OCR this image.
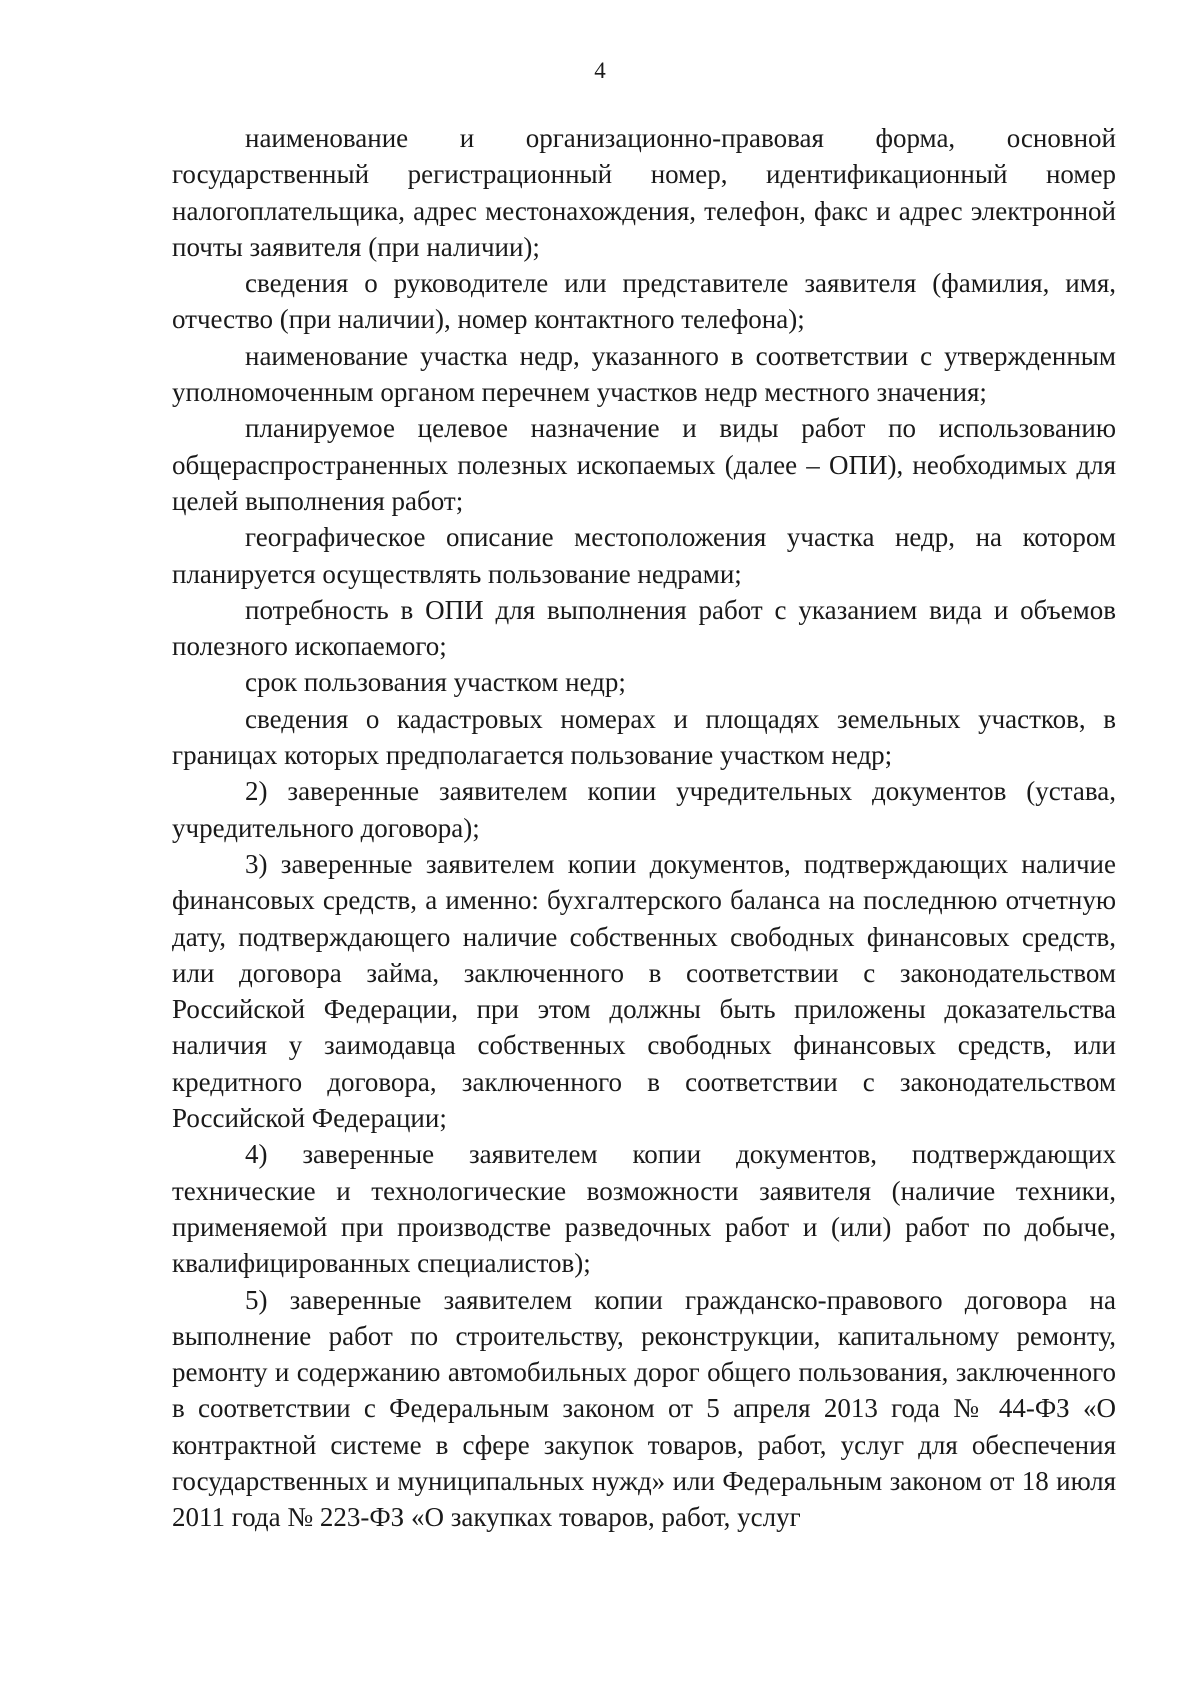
4

наименование и организационно-правовая форма, основной государственный регистрационный номер, идентификационный номер налогоплательщика, адрес местонахождения, телефон, факс и адрес электронной почты заявителя (при наличии);

сведения о руководителе или представителе заявителя (фамилия, имя, отчество (при наличии), номер контактного телефона);

наименование участка недр, указанного в соответствии с утвержденным уполномоченным органом перечнем участков недр местного значения;

планируемое целевое назначение и виды работ по использованию общераспространенных полезных ископаемых (далее – ОПИ), необходимых для целей выполнения работ;

географическое описание местоположения участка недр, на котором планируется осуществлять пользование недрами;

потребность в ОПИ для выполнения работ с указанием вида и объемов полезного ископаемого;

срок пользования участком недр;

сведения о кадастровых номерах и площадях земельных участков, в границах которых предполагается пользование участком недр;

2) заверенные заявителем копии учредительных документов (устава, учредительного договора);

3) заверенные заявителем копии документов, подтверждающих наличие финансовых средств, а именно: бухгалтерского баланса на последнюю отчетную дату, подтверждающего наличие собственных свободных финансовых средств, или договора займа, заключенного в соответствии с законодательством Российской Федерации, при этом должны быть приложены доказательства наличия у заимодавца собственных свободных финансовых средств, или кредитного договора, заключенного в соответствии с законодательством Российской Федерации;

4) заверенные заявителем копии документов, подтверждающих технические и технологические возможности заявителя (наличие техники, применяемой при производстве разведочных работ и (или) работ по добыче, квалифицированных специалистов);

5) заверенные заявителем копии гражданско-правового договора на выполнение работ по строительству, реконструкции, капитальному ремонту, ремонту и содержанию автомобильных дорог общего пользования, заключенного в соответствии с Федеральным законом от 5 апреля 2013 года № 44-ФЗ «О контрактной системе в сфере закупок товаров, работ, услуг для обеспечения государственных и муниципальных нужд» или Федеральным законом от 18 июля 2011 года № 223-ФЗ «О закупках товаров, работ, услуг
